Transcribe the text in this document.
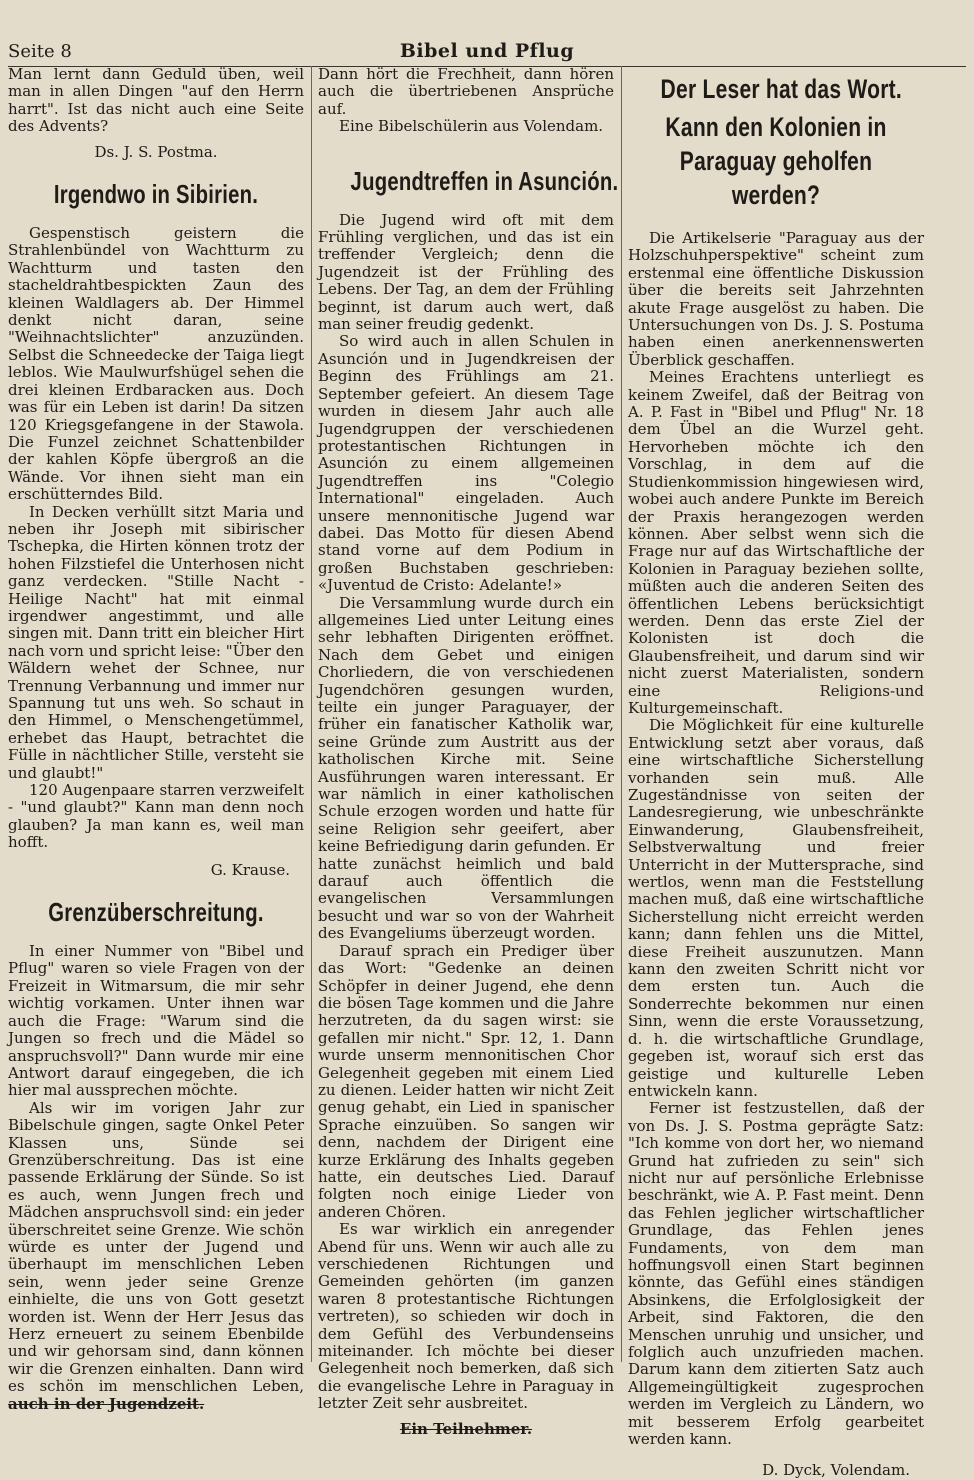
Seite 8	Bibel und Pflug

Man lernt dann Geduld üben, weil man in allen Dingen "auf den Herrn harrt". Ist das nicht auch eine Seite des Advents?

Ds. J. S. Postma.

Irgendwo in Sibirien.

Gespenstisch geistern die Strahlenbündel von Wachtturm zu Wachtturm und tasten den stacheldrahtbespickten Zaun des kleinen Waldlagers ab. Der Himmel denkt nicht daran, seine "Weihnachtslichter" anzuzünden. Selbst die Schneedecke der Taiga liegt leblos. Wie Maulwurfshügel sehen die drei kleinen Erdbaracken aus. Doch was für ein Leben ist darin! Da sitzen 120 Kriegsgefangene in der Stawola. Die Funzel zeichnet Schattenbilder der kahlen Köpfe übergroß an die Wände. Vor ihnen sieht man ein erschütterndes Bild.

In Decken verhüllt sitzt Maria und neben ihr Joseph mit sibirischer Tschepka, die Hirten können trotz der hohen Filzstiefel die Unterhosen nicht ganz verdecken. "Stille Nacht - Heilige Nacht" hat mit einmal irgendwer angestimmt, und alle singen mit. Dann tritt ein bleicher Hirt nach vorn und spricht leise: "Über den Wäldern wehet der Schnee, nur Trennung Verbannung und immer nur Spannung tut uns weh. So schaut in den Himmel, o Menschengetümmel, erhebet das Haupt, betrachtet die Fülle in nächtlicher Stille, versteht sie und glaubt!"

120 Augenpaare starren verzweifelt - "und glaubt?" Kann man denn noch glauben? Ja man kann es, weil man hofft.

G. Krause.

Grenzüberschreitung.

In einer Nummer von "Bibel und Pflug" waren so viele Fragen von der Freizeit in Witmarsum, die mir sehr wichtig vorkamen. Unter ihnen war auch die Frage: "Warum sind die Jungen so frech und die Mädel so anspruchsvoll?" Dann wurde mir eine Antwort darauf eingegeben, die ich hier mal aussprechen möchte.

Als wir im vorigen Jahr zur Bibelschule gingen, sagte Onkel Peter Klassen uns, Sünde sei Grenzüberschreitung. Das ist eine passende Erklärung der Sünde. So ist es auch, wenn Jungen frech und Mädchen anspruchsvoll sind: ein jeder überschreitet seine Grenze. Wie schön würde es unter der Jugend und überhaupt im menschlichen Leben sein, wenn jeder seine Grenze einhielte, die uns von Gott gesetzt worden ist. Wenn der Herr Jesus das Herz erneuert zu seinem Ebenbilde und wir gehorsam sind, dann können wir die Grenzen einhalten. Dann wird es schön im menschlichen Leben, auch in der Jugendzeit.

Dann hört die Frechheit, dann hören auch die übertriebenen Ansprüche auf.

Eine Bibelschülerin aus Volendam.

Jugendtreffen in Asunción.

Die Jugend wird oft mit dem Frühling verglichen, und das ist ein treffender Vergleich; denn die Jugendzeit ist der Frühling des Lebens. Der Tag, an dem der Frühling beginnt, ist darum auch wert, daß man seiner freudig gedenkt.

So wird auch in allen Schulen in Asunción und in Jugendkreisen der Beginn des Frühlings am 21. September gefeiert. An diesem Tage wurden in diesem Jahr auch alle Jugendgruppen der verschiedenen protestantischen Richtungen in Asunción zu einem allgemeinen Jugendtreffen ins "Colegio International" eingeladen. Auch unsere mennonitische Jugend war dabei. Das Motto für diesen Abend stand vorne auf dem Podium in großen Buchstaben geschrieben: «Juventud de Cristo: Adelante!»

Die Versammlung wurde durch ein allgemeines Lied unter Leitung eines sehr lebhaften Dirigenten eröffnet. Nach dem Gebet und einigen Chorliedern, die von verschiedenen Jugendchören gesungen wurden, teilte ein junger Paraguayer, der früher ein fanatischer Katholik war, seine Gründe zum Austritt aus der katholischen Kirche mit. Seine Ausführungen waren interessant. Er war nämlich in einer katholischen Schule erzogen worden und hatte für seine Religion sehr geeifert, aber keine Befriedigung darin gefunden. Er hatte zunächst heimlich und bald darauf auch öffentlich die evangelischen Versammlungen besucht und war so von der Wahrheit des Evangeliums überzeugt worden.

Darauf sprach ein Prediger über das Wort: "Gedenke an deinen Schöpfer in deiner Jugend, ehe denn die bösen Tage kommen und die Jahre herzutreten, da du sagen wirst: sie gefallen mir nicht." Spr. 12, 1. Dann wurde unserm mennonitischen Chor Gelegenheit gegeben mit einem Lied zu dienen. Leider hatten wir nicht Zeit genug gehabt, ein Lied in spanischer Sprache einzuüben. So sangen wir denn, nachdem der Dirigent eine kurze Erklärung des Inhalts gegeben hatte, ein deutsches Lied. Darauf folgten noch einige Lieder von anderen Chören.

Es war wirklich ein anregender Abend für uns. Wenn wir auch alle zu verschiedenen Richtungen und Gemeinden gehörten (im ganzen waren 8 protestantische Richtungen vertreten), so schieden wir doch in dem Gefühl des Verbundenseins miteinander. Ich möchte bei dieser Gelegenheit noch bemerken, daß sich die evangelische Lehre in Paraguay in letzter Zeit sehr ausbreitet.

Ein Teilnehmer.

Der Leser hat das Wort.
Kann den Kolonien in Paraguay geholfen werden?

Die Artikelserie "Paraguay aus der Holzschuhperspektive" scheint zum erstenmal eine öffentliche Diskussion über die bereits seit Jahrzehnten akute Frage ausgelöst zu haben. Die Untersuchungen von Ds. J. S. Postuma haben einen anerkennenswerten Überblick geschaffen.

Meines Erachtens unterliegt es keinem Zweifel, daß der Beitrag von A. P. Fast in "Bibel und Pflug" Nr. 18 dem Übel an die Wurzel geht. Hervorheben möchte ich den Vorschlag, in dem auf die Studienkommission hingewiesen wird, wobei auch andere Punkte im Bereich der Praxis herangezogen werden können. Aber selbst wenn sich die Frage nur auf das Wirtschaftliche der Kolonien in Paraguay beziehen sollte, müßten auch die anderen Seiten des öffentlichen Lebens berücksichtigt werden. Denn das erste Ziel der Kolonisten ist doch die Glaubensfreiheit, und darum sind wir nicht zuerst Materialisten, sondern eine Religions-und Kulturgemeinschaft.

Die Möglichkeit für eine kulturelle Entwicklung setzt aber voraus, daß eine wirtschaftliche Sicherstellung vorhanden sein muß. Alle Zugeständnisse von seiten der Landesregierung, wie unbeschränkte Einwanderung, Glaubensfreiheit, Selbstverwaltung und freier Unterricht in der Muttersprache, sind wertlos, wenn man die Feststellung machen muß, daß eine wirtschaftliche Sicherstellung nicht erreicht werden kann; dann fehlen uns die Mittel, diese Freiheit auszunutzen. Mann kann den zweiten Schritt nicht vor dem ersten tun. Auch die Sonderrechte bekommen nur einen Sinn, wenn die erste Voraussetzung, d. h. die wirtschaftliche Grundlage, gegeben ist, worauf sich erst das geistige und kulturelle Leben entwickeln kann.

Ferner ist festzustellen, daß der von Ds. J. S. Postma geprägte Satz: "Ich komme von dort her, wo niemand Grund hat zufrieden zu sein" sich nicht nur auf persönliche Erlebnisse beschränkt, wie A. P. Fast meint. Denn das Fehlen jeglicher wirtschaftlicher Grundlage, das Fehlen jenes Fundaments, von dem man hoffnungsvoll einen Start beginnen könnte, das Gefühl eines ständigen Absinkens, die Erfolglosigkeit der Arbeit, sind Faktoren, die den Menschen unruhig und unsicher, und folglich auch unzufrieden machen. Darum kann dem zitierten Satz auch Allgemeingültigkeit zugesprochen werden im Vergleich zu Ländern, wo mit besserem Erfolg gearbeitet werden kann.

D. Dyck, Volendam.
